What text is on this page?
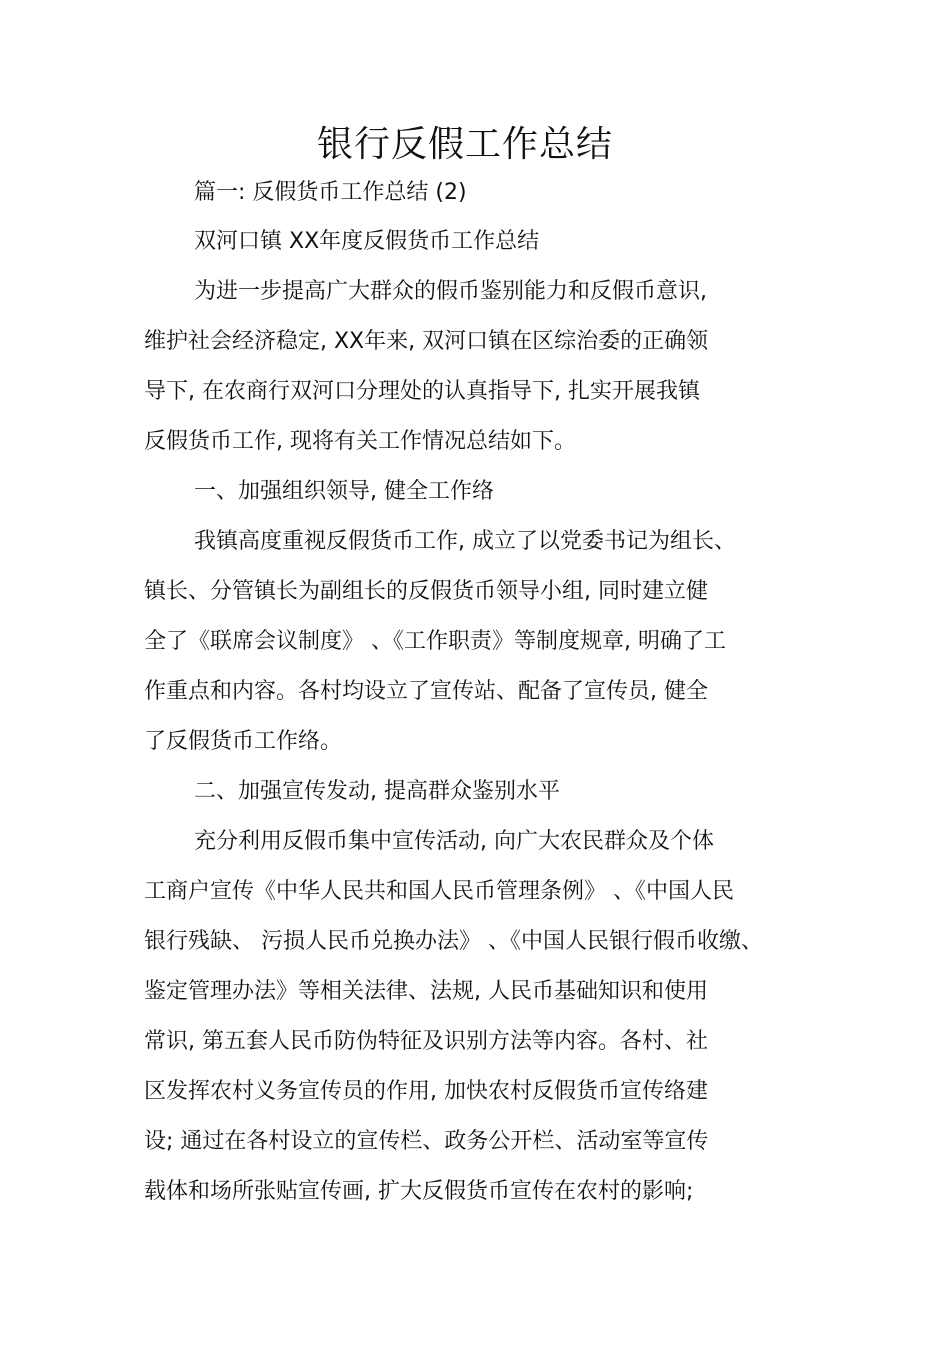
银行反假工作总结

篇一: 反假货币工作总结 (2)

双河口镇 XX年度反假货币工作总结

为进一步提高广大群众的假币鉴别能力和反假币意识,

维护社会经济稳定, XX年来, 双河口镇在区综治委的正确领

导下, 在农商行双河口分理处的认真指导下, 扎实开展我镇

反假货币工作, 现将有关工作情况总结如下。

一、加强组织领导, 健全工作络

我镇高度重视反假货币工作, 成立了以党委书记为组长、

镇长、分管镇长为副组长的反假货币领导小组, 同时建立健

全了《联席会议制度》 、《工作职责》等制度规章, 明确了工

作重点和内容。各村均设立了宣传站、配备了宣传员, 健全

了反假货币工作络。

二、加强宣传发动, 提高群众鉴别水平

充分利用反假币集中宣传活动, 向广大农民群众及个体

工商户宣传《中华人民共和国人民币管理条例》 、《中国人民

银行残缺、 污损人民币兑换办法》 、《中国人民银行假币收缴、

鉴定管理办法》等相关法律、法规, 人民币基础知识和使用

常识, 第五套人民币防伪特征及识别方法等内容。各村、社

区发挥农村义务宣传员的作用, 加快农村反假货币宣传络建

设; 通过在各村设立的宣传栏、政务公开栏、活动室等宣传

载体和场所张贴宣传画, 扩大反假货币宣传在农村的影响;
